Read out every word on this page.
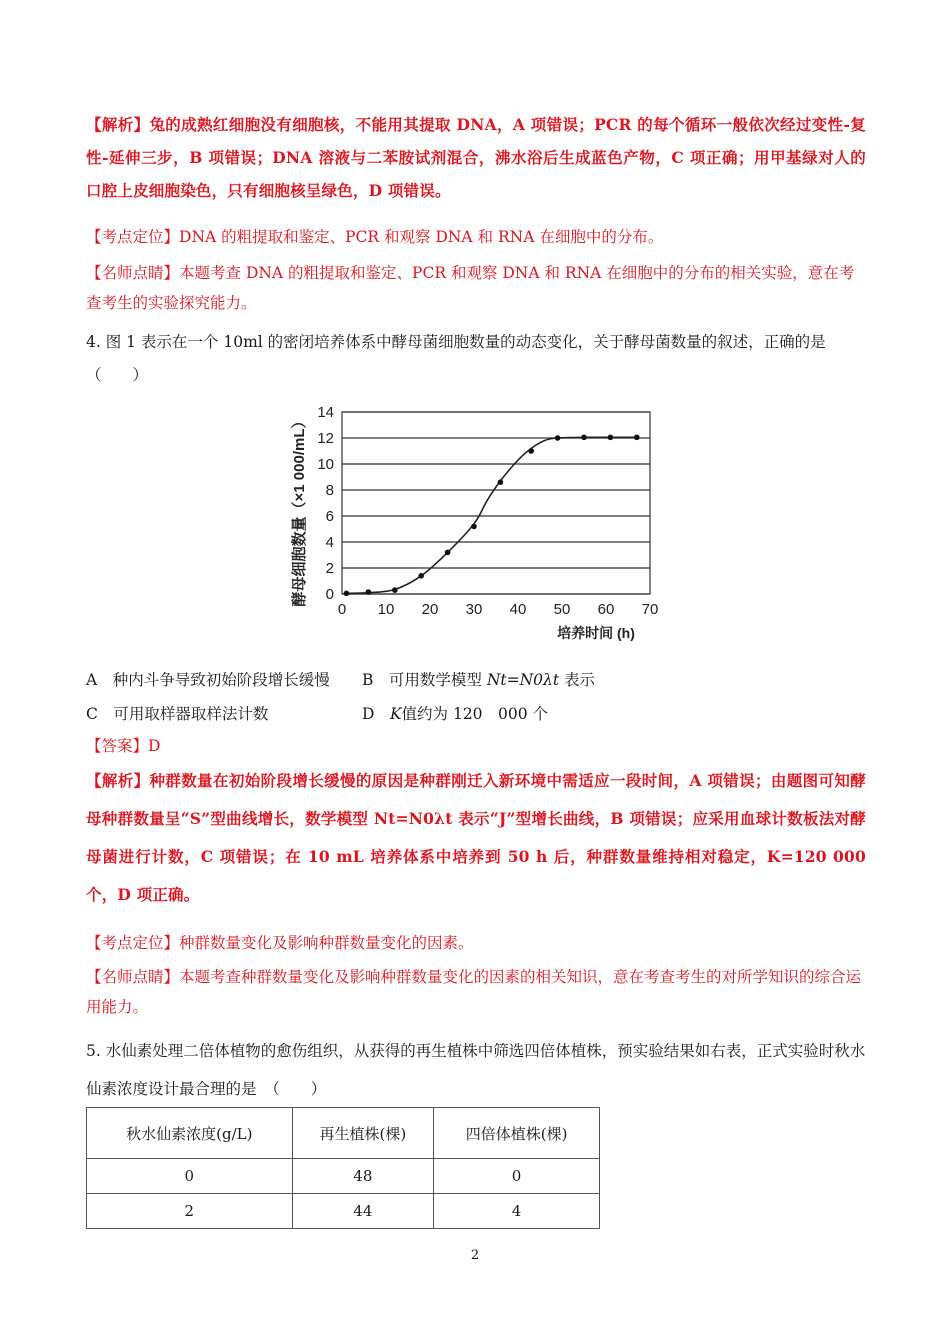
【解析】兔的成熟红细胞没有细胞核，不能用其提取 DNA，A 项错误；PCR 的每个循环一般依次经过变性-复性-延伸三步，B 项错误；DNA 溶液与二苯胺试剂混合，沸水浴后生成蓝色产物，C 项正确；用甲基绿对人的口腔上皮细胞染色，只有细胞核呈绿色，D 项错误。
【考点定位】DNA 的粗提取和鉴定、PCR 和观察 DNA 和 RNA 在细胞中的分布。
【名师点睛】本题考查 DNA 的粗提取和鉴定、PCR 和观察 DNA 和 RNA 在细胞中的分布的相关实验，意在考查考生的实验探究能力。
4. 图 1 表示在一个 10ml 的密闭培养体系中酵母菌细胞数量的动态变化，关于酵母菌数量的叙述，正确的是
（　　）
0
2
4
6
8
10
12
14
0 10 20 30 40 50 60 70
酵母细胞数量（×1 000/mL）
培养时间 (h)
A　种内斗争导致初始阶段增长缓慢 B　可用数学模型 Nt=N0λt 表示
C　可用取样器取样法计数	D　K值约为 120　000 个
【答案】D
【解析】种群数量在初始阶段增长缓慢的原因是种群刚迁入新环境中需适应一段时间，A 项错误；由题图可知酵母种群数量呈“S”型曲线增长，数学模型 Nt=N0λt 表示“J”型增长曲线，B 项错误；应采用血球计数板法对酵母菌进行计数，C 项错误；在 10 mL 培养体系中培养到 50 h 后，种群数量维持相对稳定，K=120 000 个，D 项正确。
【考点定位】种群数量变化及影响种群数量变化的因素。
【名师点睛】本题考查种群数量变化及影响种群数量变化的因素的相关知识，意在考查考生的对所学知识的综合运用能力。
5. 水仙素处理二倍体植物的愈伤组织，从获得的再生植株中筛选四倍体植株，预实验结果如右表，正式实验时秋水仙素浓度设计最合理的是　（　　）
秋水仙素浓度(g/L)	再生植株(棵)	四倍体植株(棵)
0	48	0
2	44	4
2
